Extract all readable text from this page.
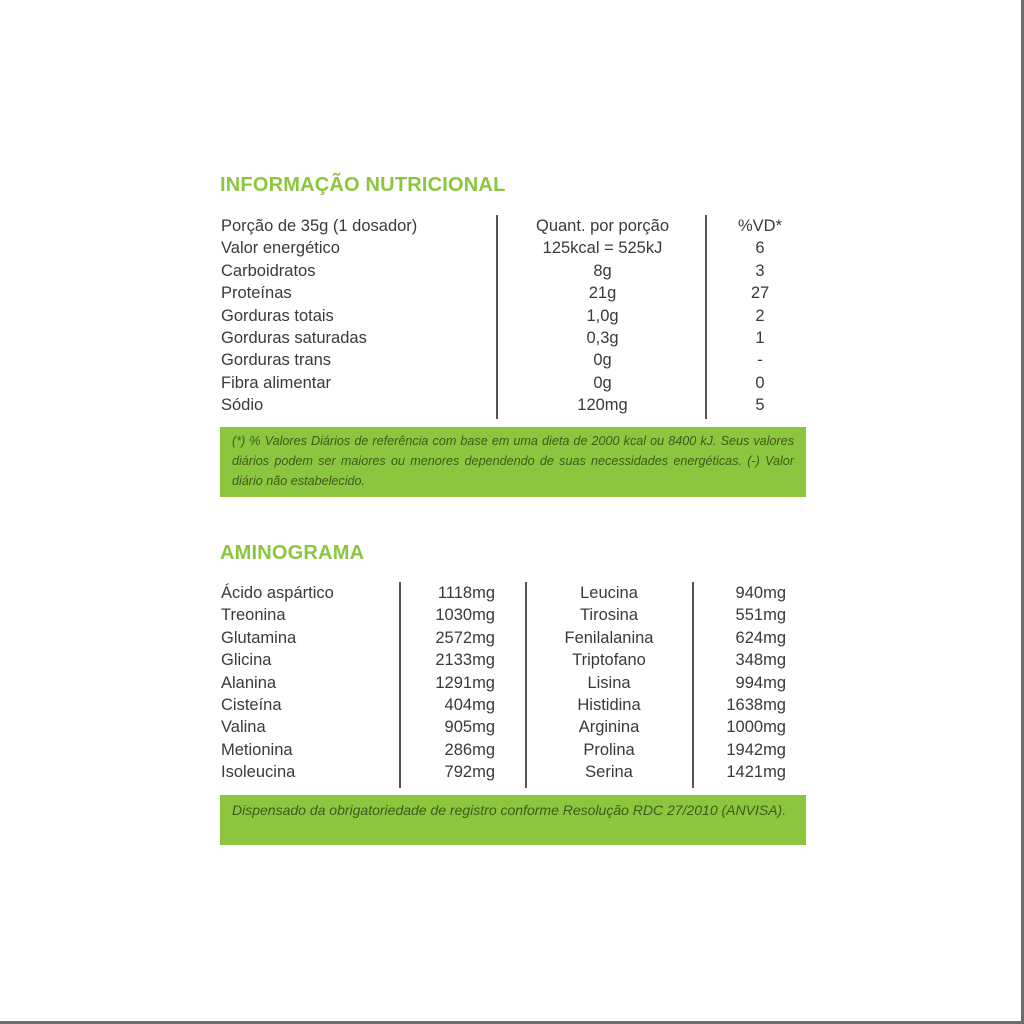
INFORMAÇÃO NUTRICIONAL
Porção de 35g (1 dosador)	Quant. por porção	%VD*
Valor energético	125kcal = 525kJ	6
Carboidratos	8g	3
Proteínas	21g	27
Gorduras totais	1,0g	2
Gorduras saturadas	0,3g	1
Gorduras trans	0g	-
Fibra alimentar	0g	0
Sódio	120mg	5
(*) % Valores Diários de referência com base em uma dieta de 2000 kcal ou 8400 kJ. Seus valores diários podem ser maiores ou menores dependendo de suas necessidades energéticas. (-) Valor diário não estabelecido.
AMINOGRAMA
Ácido aspártico	1118mg	Leucina	940mg
Treonina	1030mg	Tirosina	551mg
Glutamina	2572mg	Fenilalanina	624mg
Glicina	2133mg	Triptofano	348mg
Alanina	1291mg	Lisina	994mg
Cisteína	404mg	Histidina	1638mg
Valina	905mg	Arginina	1000mg
Metionina	286mg	Prolina	1942mg
Isoleucina	792mg	Serina	1421mg
Dispensado da obrigatoriedade de registro conforme Resolução RDC 27/2010 (ANVISA).
